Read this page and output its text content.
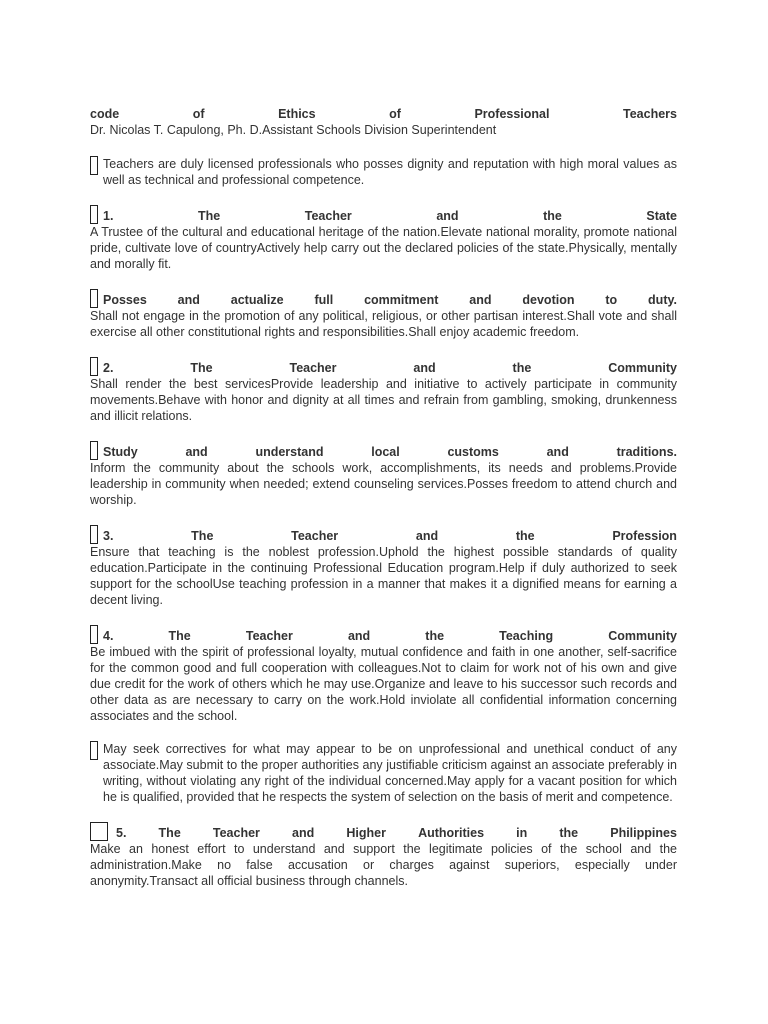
code	of	Ethics	of	Professional	Teachers
Dr. Nicolas T. Capulong, Ph. D.Assistant Schools Division Superintendent
Teachers are duly licensed professionals who posses dignity and reputation with high moral values as well as technical and professional competence.
1.	The	Teacher	and	the	State
A Trustee of the cultural and educational heritage of the nation.Elevate national morality, promote national pride, cultivate love of countryActively help carry out the declared policies of the state.Physically, mentally and morally fit.
Posses and actualize full commitment and devotion to duty.
Shall not engage in the promotion of any political, religious, or other partisan interest.Shall vote and shall exercise all other constitutional rights and responsibilities.Shall enjoy academic freedom.
2.	The	Teacher	and	the	Community
Shall render the best servicesProvide leadership and initiative to actively participate in community movements.Behave with honor and dignity at all times and refrain from gambling, smoking, drunkenness and illicit relations.
Study	and	understand	local	customs	and	traditions.
Inform the community about the schools work, accomplishments, its needs and problems.Provide leadership in community when needed; extend counseling services.Posses freedom to attend church and worship.
3.	The	Teacher	and	the	Profession
Ensure that teaching is the noblest profession.Uphold the highest possible standards of quality education.Participate in the continuing Professional Education program.Help if duly authorized to seek support for the schoolUse teaching profession in a manner that makes it a dignified means for earning a decent living.
4.	The	Teacher	and	the	Teaching	Community
Be imbued with the spirit of professional loyalty, mutual confidence and faith in one another, self-sacrifice for the common good and full cooperation with colleagues.Not to claim for work not of his own and give due credit for the work of others which he may use.Organize and leave to his successor such records and other data as are necessary to carry on the work.Hold inviolate all confidential information concerning associates and the school.
May seek correctives for what may appear to be on unprofessional and unethical conduct of any associate.May submit to the proper authorities any justifiable criticism against an associate preferably in writing, without violating any right of the individual concerned.May apply for a vacant position for which he is qualified, provided that he respects the system of selection on the basis of merit and competence.
5.	The	Teacher	and	Higher	Authorities	in	the	Philippines
Make an honest effort to understand and support the legitimate policies of the school and the administration.Make no false accusation or charges against superiors, especially under anonymity.Transact all official business through channels.
